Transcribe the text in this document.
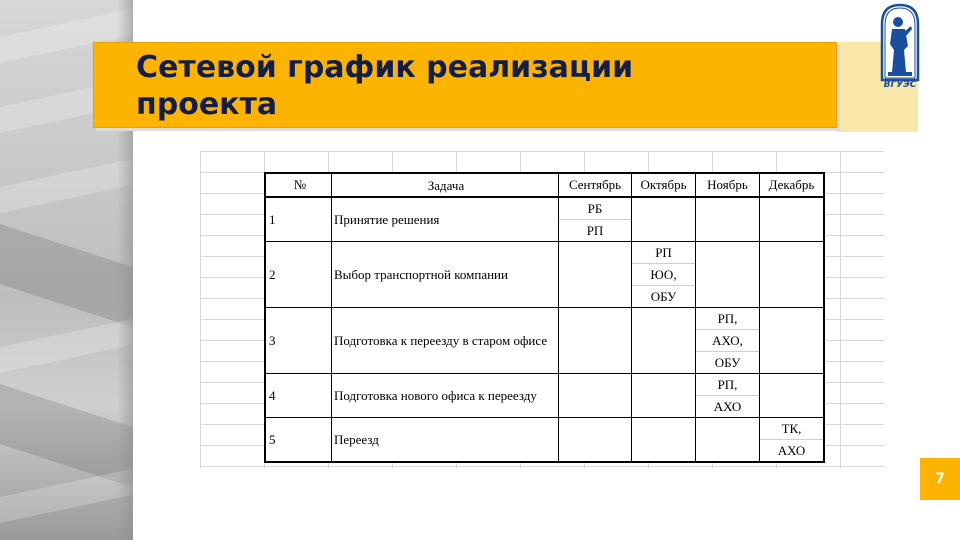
Сетевой график реализации
проекта
ВГУЭС
№	Задача	Сентябрь	Октябрь	Ноябрь	Декабрь
1	Принятие решения	РБ
РП			

2	Выбор транспортной компании		РП
ЮО,
ОБУ		

3	Подготовка к переезду в старом офисе			РП,
АХО,
ОБУ	

4	Подготовка нового офиса к переезду			РП,
АХО	

5	Переезд				ТК,
АХО
7
